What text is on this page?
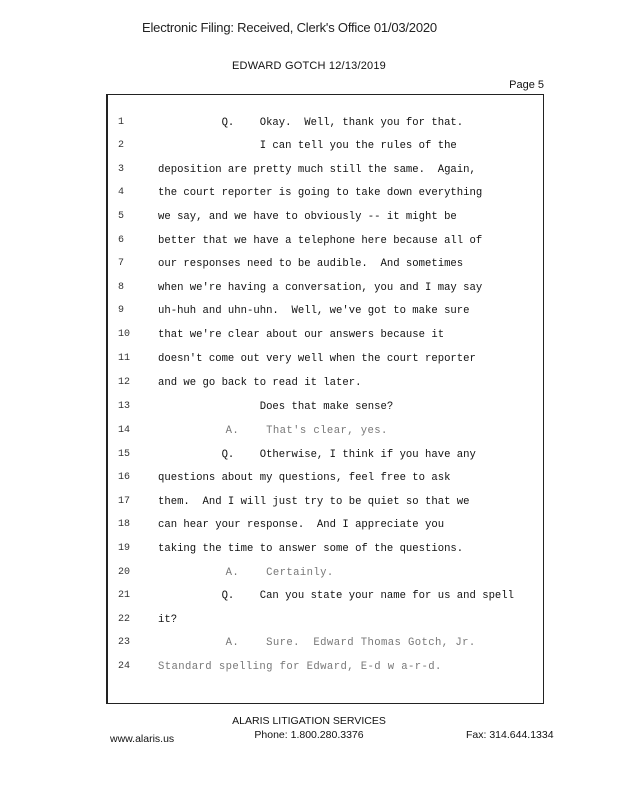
Electronic Filing: Received, Clerk's Office 01/03/2020
EDWARD GOTCH 12/13/2019
Page 5
1	Q.    Okay.  Well, thank you for that.
2	I can tell you the rules of the
3	deposition are pretty much still the same.  Again,
4	the court reporter is going to take down everything
5	we say, and we have to obviously -- it might be
6	better that we have a telephone here because all of
7	our responses need to be audible.  And sometimes
8	when we're having a conversation, you and I may say
9	uh-huh and uhn-uhn.  Well, we've got to make sure
10	that we're clear about our answers because it
11	doesn't come out very well when the court reporter
12	and we go back to read it later.
13	Does that make sense?
14	A.    That's clear, yes.
15	Q.    Otherwise, I think if you have any
16	questions about my questions, feel free to ask
17	them.  And I will just try to be quiet so that we
18	can hear your response.  And I appreciate you
19	taking the time to answer some of the questions.
20	A.    Certainly.
21	Q.    Can you state your name for us and spell
22	it?
23	A.    Sure.  Edward Thomas Gotch, Jr.
24	Standard spelling for Edward, E-d w a-r-d.
ALARIS LITIGATION SERVICES
www.alaris.us	Phone: 1.800.280.3376	Fax: 314.644.1334
